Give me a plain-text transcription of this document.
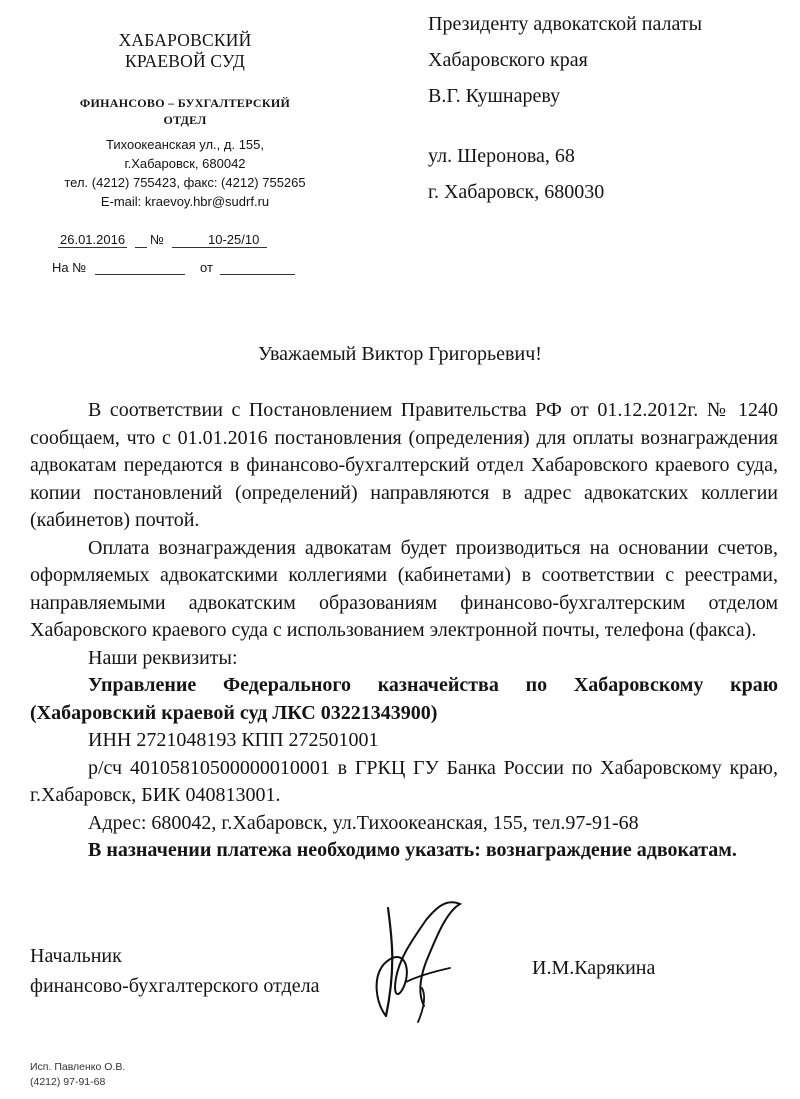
ХАБАРОВСКИЙ
КРАЕВОЙ СУД
ФИНАНСОВО – БУХГАЛТЕРСКИЙ
ОТДЕЛ
Тихоокеанская ул., д. 155,
г.Хабаровск, 680042
тел. (4212) 755423, факс: (4212) 755265
E-mail: kraevoy.hbr@sudrf.ru
26.01.2016 №	10-25/10
На №	от
Президенту адвокатской палаты
Хабаровского края
В.Г. Кушнареву
ул. Шеронова, 68
г. Хабаровск, 680030
Уважаемый Виктор Григорьевич!

В соответствии с Постановлением Правительства РФ от 01.12.2012г. № 1240 сообщаем, что с 01.01.2016 постановления (определения) для оплаты вознаграждения адвокатам передаются в финансово-бухгалтерский отдел Хабаровского краевого суда, копии постановлений (определений) направляются в адрес адвокатских коллегии (кабинетов) почтой.

Оплата вознаграждения адвокатам будет производиться на основании счетов, оформляемых адвокатскими коллегиями (кабинетами) в соответствии с реестрами, направляемыми адвокатским образованиям финансово-бухгалтерским отделом Хабаровского краевого суда с использованием электронной почты, телефона (факса).

Наши реквизиты:

Управление Федерального казначейства по Хабаровскому краю (Хабаровский краевой суд ЛКС 03221343900)

ИНН 2721048193 КПП 272501001

р/сч 40105810500000010001 в ГРКЦ ГУ Банка России по Хабаровскому краю, г.Хабаровск, БИК 040813001.

Адрес: 680042, г.Хабаровск, ул.Тихоокеанская, 155, тел.97-91-68

В назначении платежа необходимо указать: вознаграждение адвокатам.

Начальник
финансово-бухгалтерского отдела
И.М.Карякина
Исп. Павленко О.В.
(4212) 97-91-68
